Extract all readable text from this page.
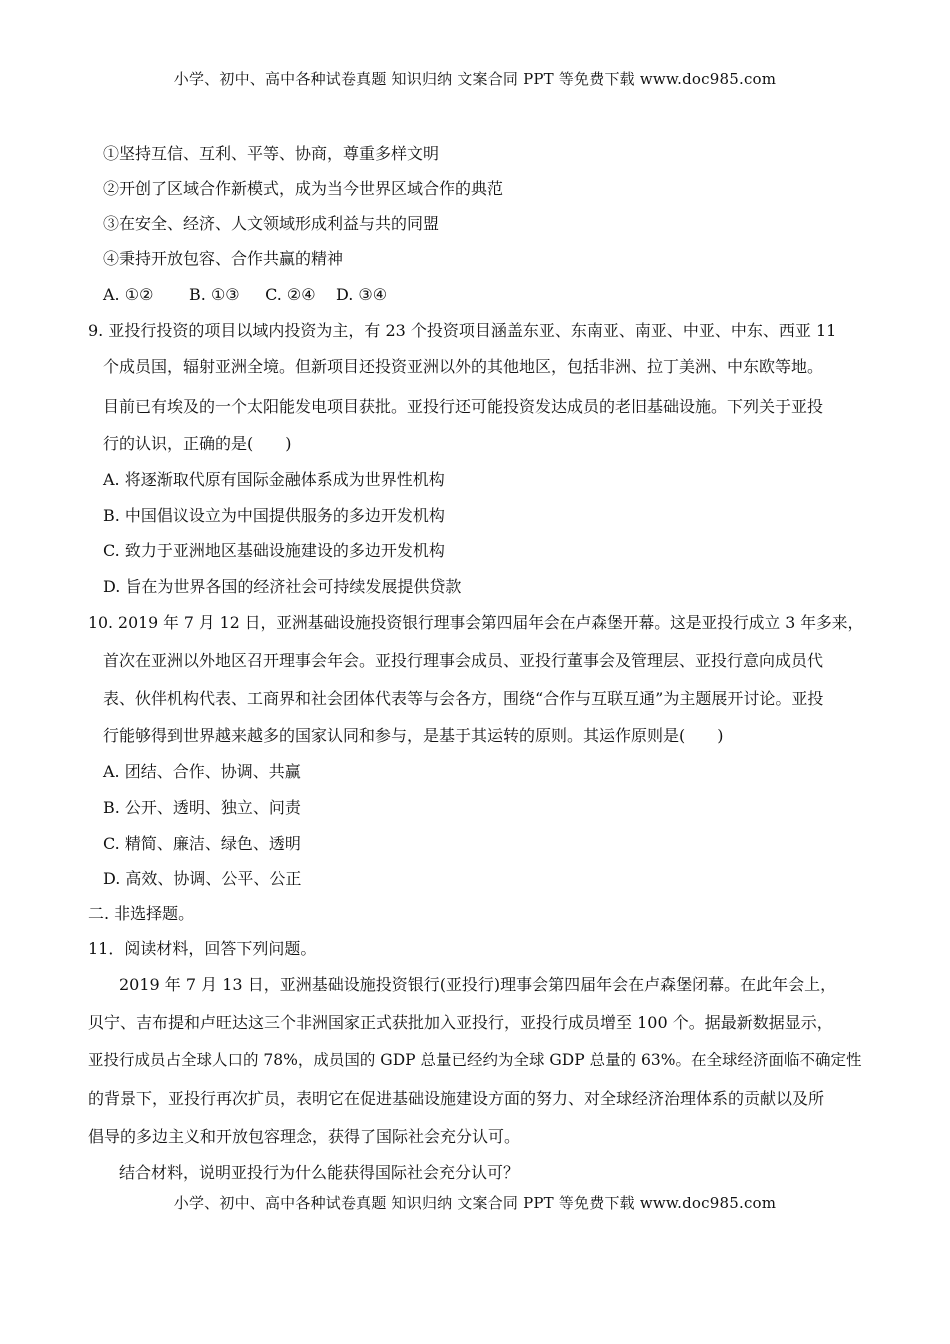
小学、初中、高中各种试卷真题 知识归纳 文案合同 PPT 等免费下载 www.doc985.com
①坚持互信、互利、平等、协商，尊重多样文明
②开创了区域合作新模式，成为当今世界区域合作的典范
③在安全、经济、人文领域形成利益与共的同盟
④秉持开放包容、合作共赢的精神
A. ①②       B. ①③     C. ②④    D. ③④
9. 亚投行投资的项目以域内投资为主，有 23 个投资项目涵盖东亚、东南亚、南亚、中亚、中东、西亚 11
个成员国，辐射亚洲全境。但新项目还投资亚洲以外的其他地区，包括非洲、拉丁美洲、中东欧等地。
目前已有埃及的一个太阳能发电项目获批。亚投行还可能投资发达成员的老旧基础设施。下列关于亚投
行的认识，正确的是(　　)
A. 将逐渐取代原有国际金融体系成为世界性机构
B. 中国倡议设立为中国提供服务的多边开发机构
C. 致力于亚洲地区基础设施建设的多边开发机构
D. 旨在为世界各国的经济社会可持续发展提供贷款
10. 2019 年 7 月 12 日，亚洲基础设施投资银行理事会第四届年会在卢森堡开幕。这是亚投行成立 3 年多来，
首次在亚洲以外地区召开理事会年会。亚投行理事会成员、亚投行董事会及管理层、亚投行意向成员代
表、伙伴机构代表、工商界和社会团体代表等与会各方，围绕“合作与互联互通”为主题展开讨论。亚投
行能够得到世界越来越多的国家认同和参与，是基于其运转的原则。其运作原则是(　　)
A. 团结、合作、协调、共赢
B. 公开、透明、独立、问责
C. 精简、廉洁、绿色、透明
D. 高效、协调、公平、公正
二. 非选择题。
11．阅读材料，回答下列问题。
2019 年 7 月 13 日，亚洲基础设施投资银行(亚投行)理事会第四届年会在卢森堡闭幕。在此年会上，
贝宁、吉布提和卢旺达这三个非洲国家正式获批加入亚投行，亚投行成员增至 100 个。据最新数据显示，
亚投行成员占全球人口的 78%，成员国的 GDP 总量已经约为全球 GDP 总量的 63%。在全球经济面临不确定性
的背景下，亚投行再次扩员，表明它在促进基础设施建设方面的努力、对全球经济治理体系的贡献以及所
倡导的多边主义和开放包容理念，获得了国际社会充分认可。
结合材料，说明亚投行为什么能获得国际社会充分认可？
小学、初中、高中各种试卷真题 知识归纳 文案合同 PPT 等免费下载 www.doc985.com
